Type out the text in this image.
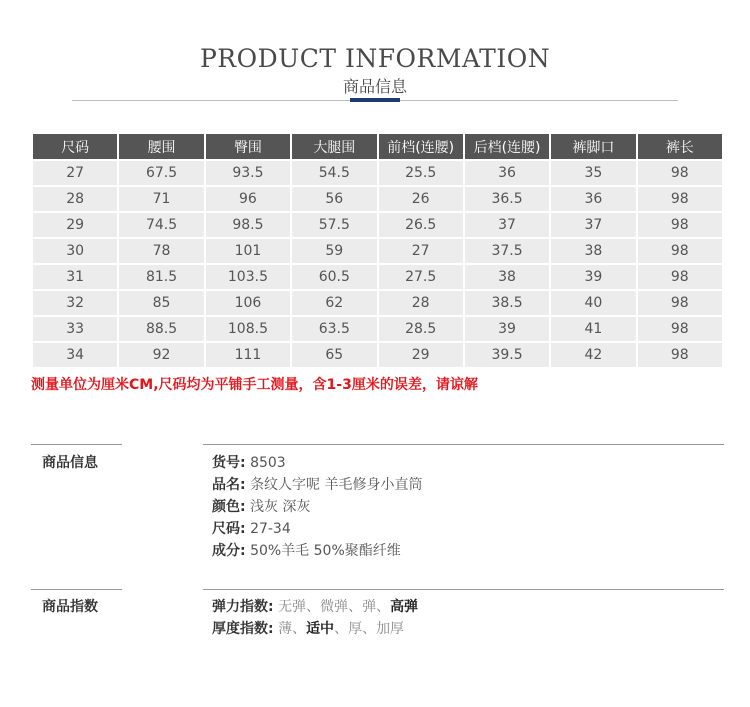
PRODUCT INFORMATION
商品信息
尺码	腰围	臀围	大腿围	前档(连腰)	后档(连腰)	裤脚口	裤长
27	67.5	93.5	54.5	25.5	36	35	98
28	71	96	56	26	36.5	36	98
29	74.5	98.5	57.5	26.5	37	37	98
30	78	101	59	27	37.5	38	98
31	81.5	103.5	60.5	27.5	38	39	98
32	85	106	62	28	38.5	40	98
33	88.5	108.5	63.5	28.5	39	41	98
34	92	111	65	29	39.5	42	98
测量单位为厘米CM,尺码均为平铺手工测量，含1-3厘米的误差，请谅解
商品信息	货号: 8503
品名: 条纹人字呢 羊毛修身小直筒
颜色: 浅灰 深灰
尺码: 27-34
成分: 50%羊毛 50%聚酯纤维
商品指数	弹力指数: 无弹、微弹、弹、高弹
厚度指数: 薄、适中、厚、加厚
